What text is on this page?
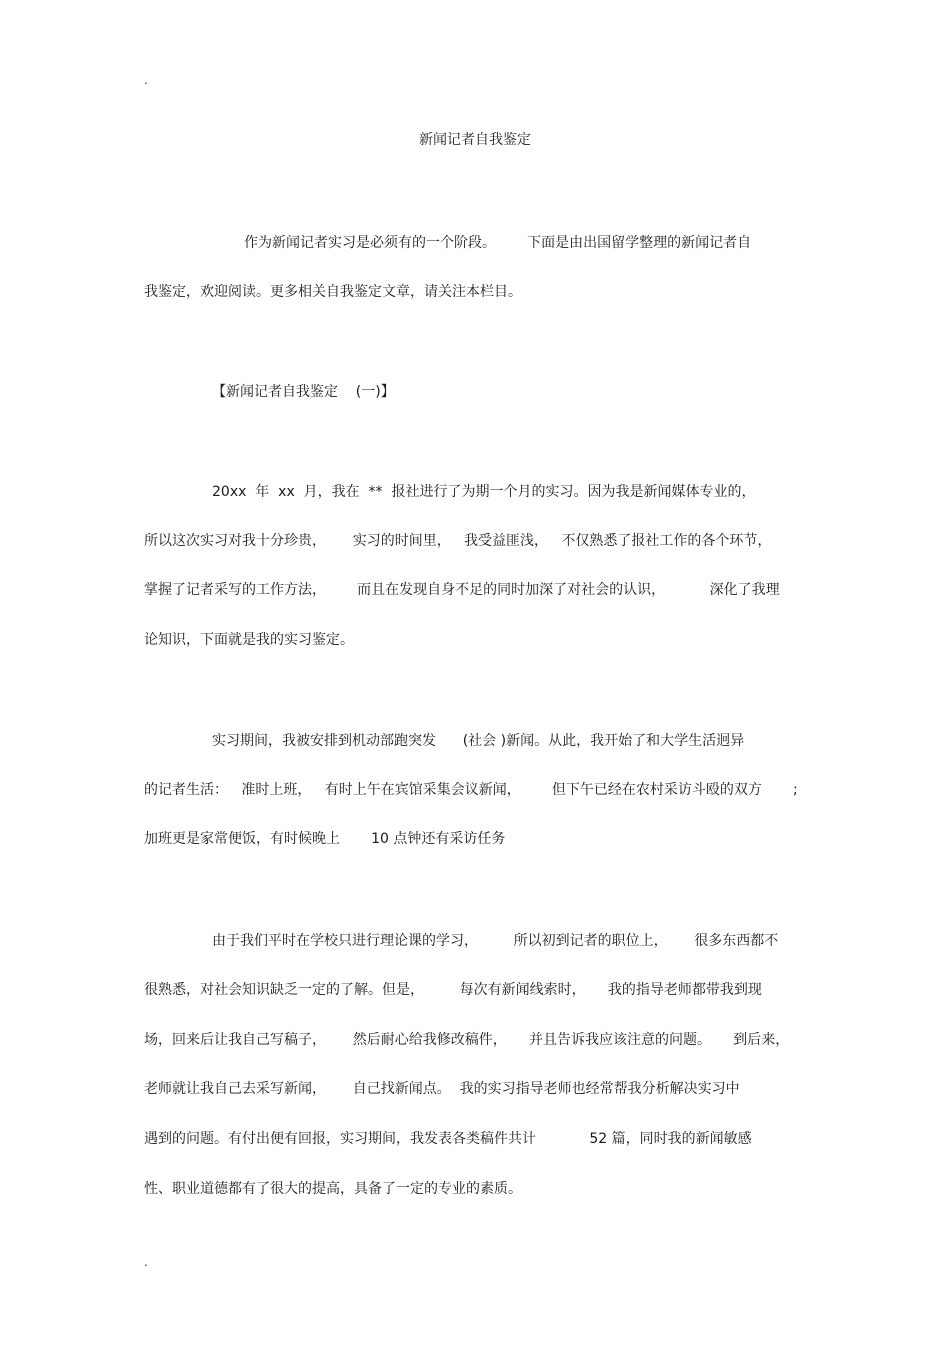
.
新闻记者自我鉴定
作为新闻记者实习是必须有的一个阶段。       下面是由出国留学整理的新闻记者自
我鉴定，欢迎阅读。更多相关自我鉴定文章，请关注本栏目。
【新闻记者自我鉴定    (一)】
20xx  年  xx  月，我在  **  报社进行了为期一个月的实习。因为我是新闻媒体专业的，
所以这次实习对我十分珍贵，      实习的时间里，   我受益匪浅，   不仅熟悉了报社工作的各个环节，
掌握了记者采写的工作方法，       而且在发现自身不足的同时加深了对社会的认识，          深化了我理
论知识，下面就是我的实习鉴定。
实习期间，我被安排到机动部跑突发      (社会 )新闻。从此，我开始了和大学生活迥异
的记者生活：   准时上班，   有时上午在宾馆采集会议新闻，       但下午已经在农村采访斗殴的双方       ;
加班更是家常便饭，有时候晚上       10 点钟还有采访任务
由于我们平时在学校只进行理论课的学习，        所以初到记者的职位上，      很多东西都不
很熟悉，对社会知识缺乏一定的了解。但是，        每次有新闻线索时，     我的指导老师都带我到现
场，回来后让我自己写稿子，      然后耐心给我修改稿件，     并且告诉我应该注意的问题。     到后来，
老师就让我自己去采写新闻，      自己找新闻点。  我的实习指导老师也经常帮我分析解决实习中
遇到的问题。有付出便有回报，实习期间，我发表各类稿件共计            52 篇，同时我的新闻敏感
性、职业道德都有了很大的提高，具备了一定的专业的素质。
.
